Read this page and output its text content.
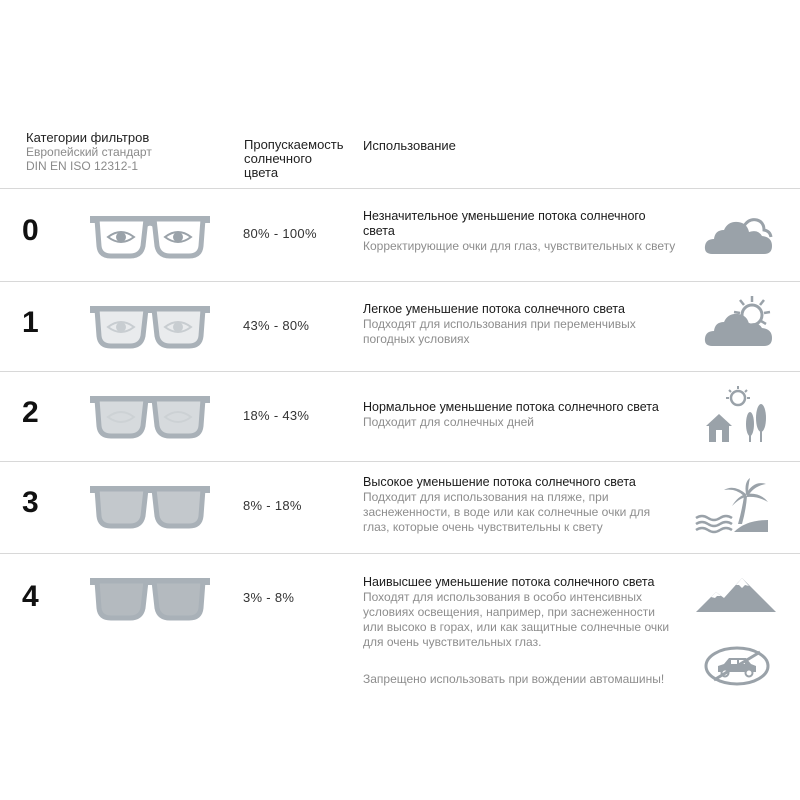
Категории фильтров
Европейский стандарт
DIN EN ISO 12312-1
Пропускаемость
солнечного
цвета
Использование
0	80% - 100%
Незначительное уменьшение потока солнечного
света
Корректирующие очки для глаз, чувствительных к свету
1	43% - 80%
Легкое уменьшение потока солнечного света
Подходят для использования при переменчивых
погодных условиях
2	18% - 43%
Нормальное уменьшение потока солнечного света
Подходит для солнечных дней
3	8% - 18%
Высокое уменьшение потока солнечного света
Подходит для использования на пляже, при
заснеженности, в воде или как солнечные очки для
глаз, которые очень чувствительны к свету
4	3% - 8%
Наивысшее уменьшение потока солнечного света
Походят для использования в особо интенсивных
условиях освещения, например, при заснеженности
или высоко в горах, или как защитные солнечные очки
для очень чувствительных глаз.
Запрещено использовать при вождении автомашины!
